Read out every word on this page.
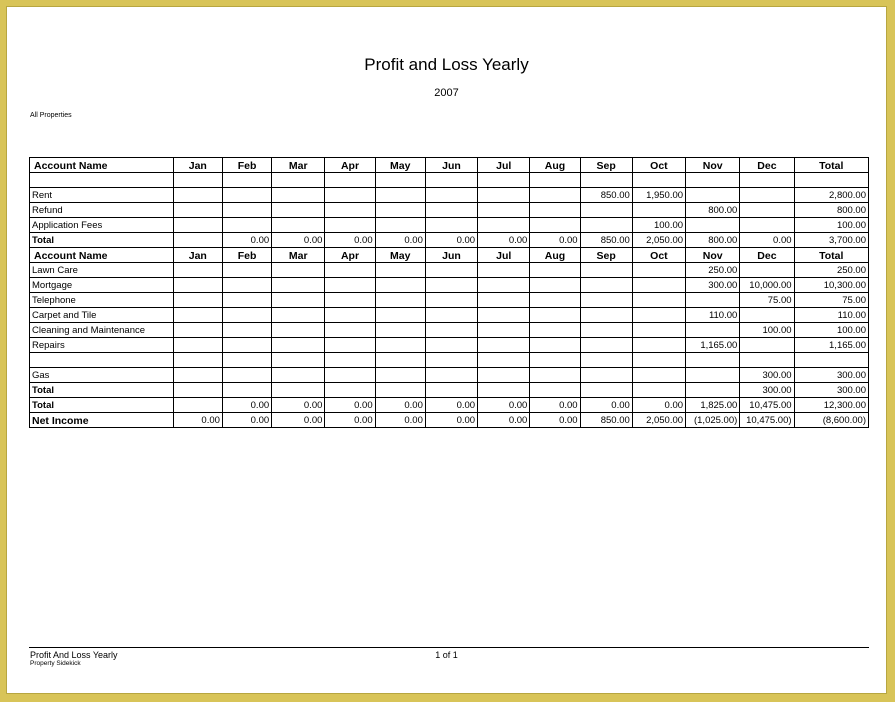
Profit and Loss Yearly
2007
All Properties
Account Name	Jan	Feb	Mar	Apr	May	Jun	Jul	Aug	Sep	Oct	Nov	Dec	Total

Rent									850.00	1,950.00			2,800.00
Refund											800.00		800.00
Application Fees										100.00			100.00
Total		0.00	0.00	0.00	0.00	0.00	0.00	0.00	850.00	2,050.00	800.00	0.00	3,700.00
Account Name	Jan	Feb	Mar	Apr	May	Jun	Jul	Aug	Sep	Oct	Nov	Dec	Total
Lawn Care											250.00		250.00
Mortgage											300.00	10,000.00	10,300.00
Telephone												75.00	75.00
Carpet and Tile											110.00		110.00
Cleaning and Maintenance												100.00	100.00
Repairs											1,165.00		1,165.00

Gas												300.00	300.00
Total												300.00	300.00
Total		0.00	0.00	0.00	0.00	0.00	0.00	0.00	0.00	0.00	1,825.00	10,475.00	12,300.00
Net Income	0.00	0.00	0.00	0.00	0.00	0.00	0.00	0.00	850.00	2,050.00	(1,025.00)	10,475.00)	(8,600.00)
Profit And Loss Yearly
Property Sidekick
1 of 1
